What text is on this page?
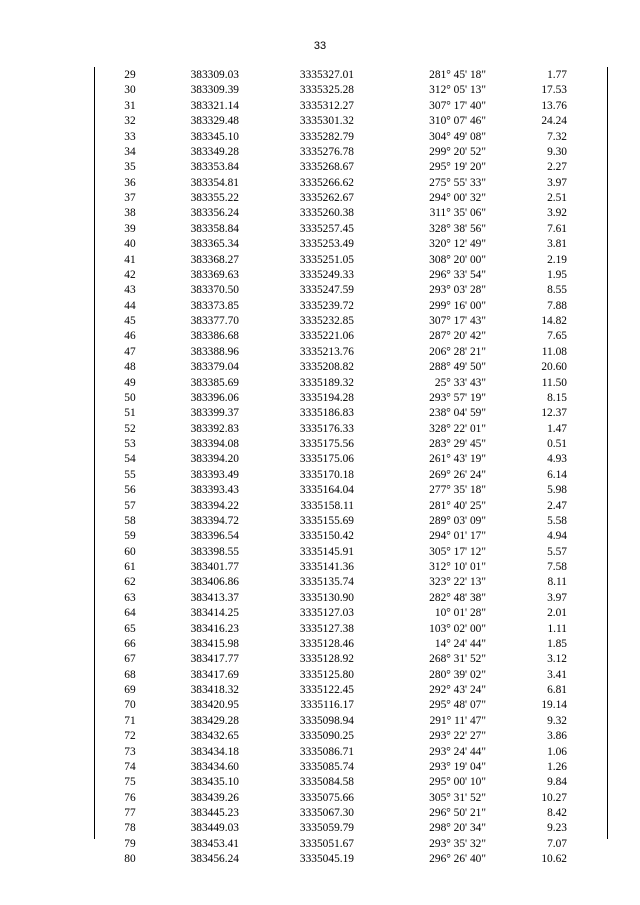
33
29	383309.03	3335327.01	281° 45' 18"	1.77
30	383309.39	3335325.28	312° 05' 13"	17.53
31	383321.14	3335312.27	307° 17' 40"	13.76
32	383329.48	3335301.32	310° 07' 46"	24.24
33	383345.10	3335282.79	304° 49' 08"	7.32
34	383349.28	3335276.78	299° 20' 52"	9.30
35	383353.84	3335268.67	295° 19' 20"	2.27
36	383354.81	3335266.62	275° 55' 33"	3.97
37	383355.22	3335262.67	294° 00' 32"	2.51
38	383356.24	3335260.38	311° 35' 06"	3.92
39	383358.84	3335257.45	328° 38' 56"	7.61
40	383365.34	3335253.49	320° 12' 49"	3.81
41	383368.27	3335251.05	308° 20' 00"	2.19
42	383369.63	3335249.33	296° 33' 54"	1.95
43	383370.50	3335247.59	293° 03' 28"	8.55
44	383373.85	3335239.72	299° 16' 00"	7.88
45	383377.70	3335232.85	307° 17' 43"	14.82
46	383386.68	3335221.06	287° 20' 42"	7.65
47	383388.96	3335213.76	206° 28' 21"	11.08
48	383379.04	3335208.82	288° 49' 50"	20.60
49	383385.69	3335189.32	25° 33' 43"	11.50
50	383396.06	3335194.28	293° 57' 19"	8.15
51	383399.37	3335186.83	238° 04' 59"	12.37
52	383392.83	3335176.33	328° 22' 01"	1.47
53	383394.08	3335175.56	283° 29' 45"	0.51
54	383394.20	3335175.06	261° 43' 19"	4.93
55	383393.49	3335170.18	269° 26' 24"	6.14
56	383393.43	3335164.04	277° 35' 18"	5.98
57	383394.22	3335158.11	281° 40' 25"	2.47
58	383394.72	3335155.69	289° 03' 09"	5.58
59	383396.54	3335150.42	294° 01' 17"	4.94
60	383398.55	3335145.91	305° 17' 12"	5.57
61	383401.77	3335141.36	312° 10' 01"	7.58
62	383406.86	3335135.74	323° 22' 13"	8.11
63	383413.37	3335130.90	282° 48' 38"	3.97
64	383414.25	3335127.03	10° 01' 28"	2.01
65	383416.23	3335127.38	103° 02' 00"	1.11
66	383415.98	3335128.46	14° 24' 44"	1.85
67	383417.77	3335128.92	268° 31' 52"	3.12
68	383417.69	3335125.80	280° 39' 02"	3.41
69	383418.32	3335122.45	292° 43' 24"	6.81
70	383420.95	3335116.17	295° 48' 07"	19.14
71	383429.28	3335098.94	291° 11' 47"	9.32
72	383432.65	3335090.25	293° 22' 27"	3.86
73	383434.18	3335086.71	293° 24' 44"	1.06
74	383434.60	3335085.74	293° 19' 04"	1.26
75	383435.10	3335084.58	295° 00' 10"	9.84
76	383439.26	3335075.66	305° 31' 52"	10.27
77	383445.23	3335067.30	296° 50' 21"	8.42
78	383449.03	3335059.79	298° 20' 34"	9.23
79	383453.41	3335051.67	293° 35' 32"	7.07
80	383456.24	3335045.19	296° 26' 40"	10.62
